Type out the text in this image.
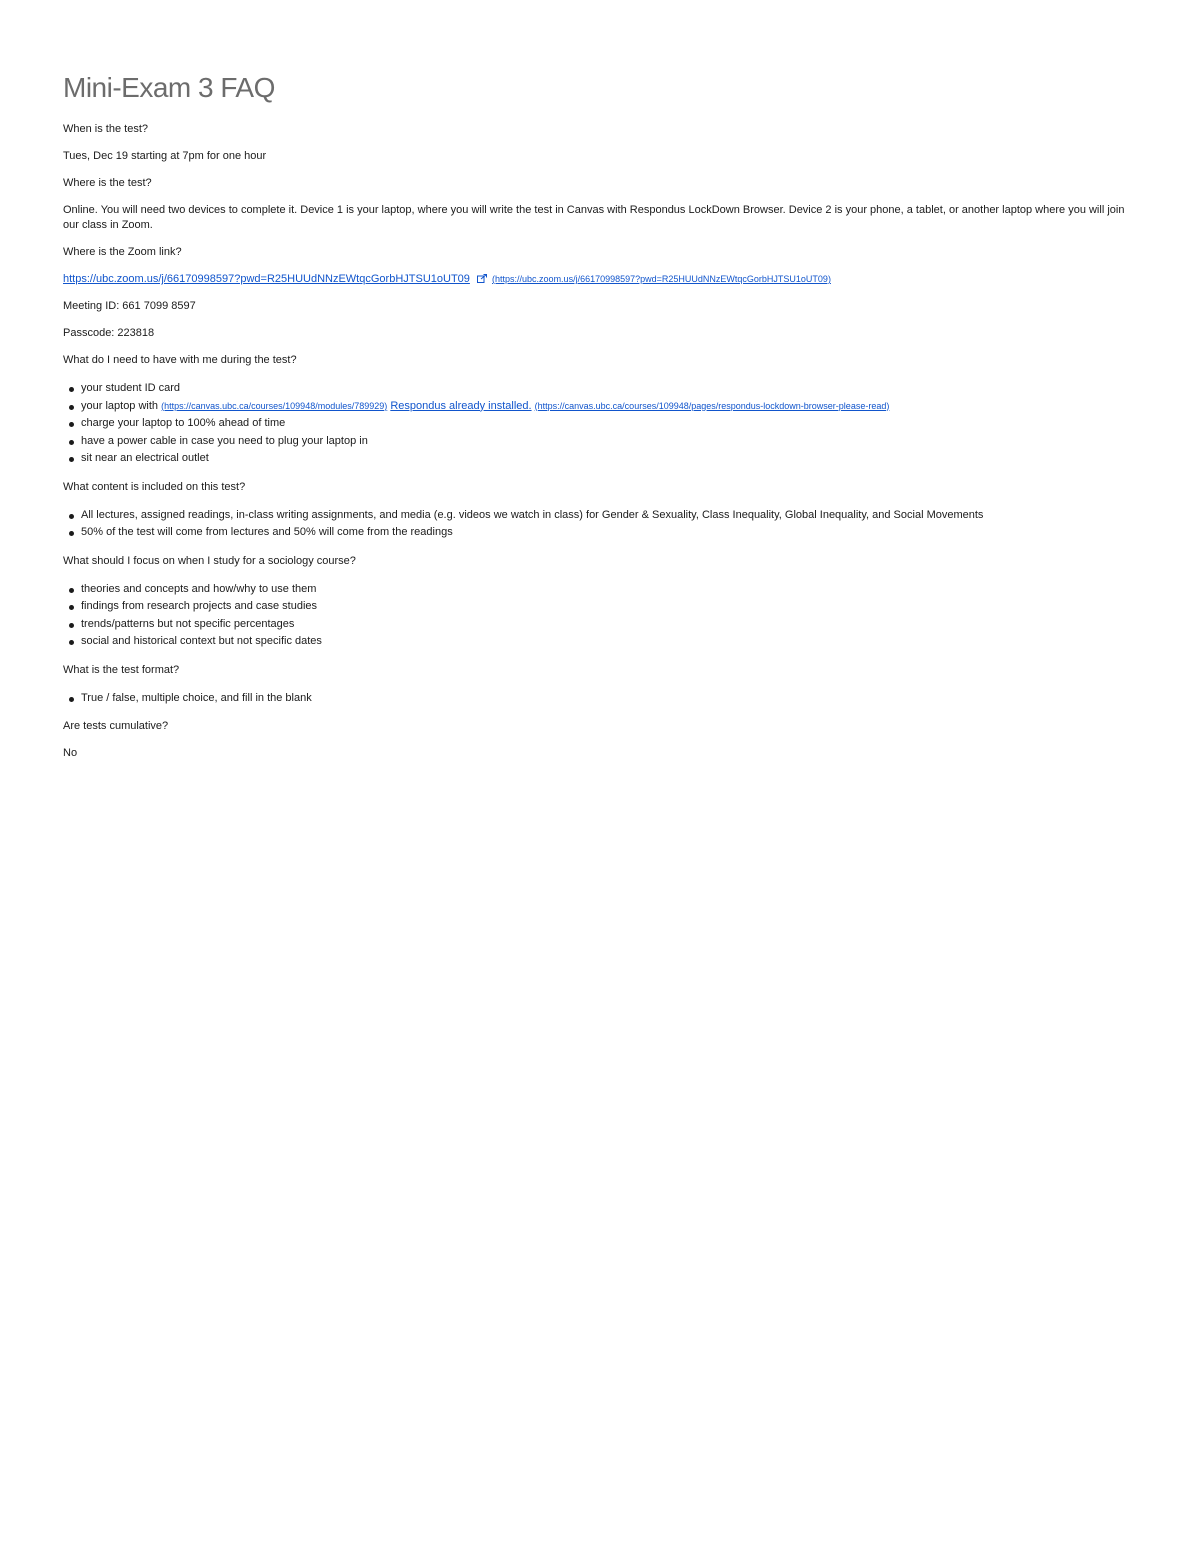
Mini-Exam 3 FAQ

When is the test?

Tues, Dec 19 starting at 7pm for one hour

Where is the test?

Online. You will need two devices to complete it. Device 1 is your laptop, where you will write the test in Canvas with Respondus LockDown Browser. Device 2 is your phone, a tablet, or another laptop where you will join our class in Zoom.

Where is the Zoom link?

https://ubc.zoom.us/j/66170998597?pwd=R25HUUdNNzEWtqcGorbHJTSU1oUT09 (https://ubc.zoom.us/j/66170998597?pwd=R25HUUdNNzEWtqcGorbHJTSU1oUT09)

Meeting ID: 661 7099 8597

Passcode: 223818

What do I need to have with me during the test?

your student ID card
your laptop with (https://canvas.ubc.ca/courses/109948/modules/789929) Respondus already installed. (https://canvas.ubc.ca/courses/109948/pages/respondus-lockdown-browser-please-read)
charge your laptop to 100% ahead of time
have a power cable in case you need to plug your laptop in
sit near an electrical outlet

What content is included on this test?

All lectures, assigned readings, in-class writing assignments, and media (e.g. videos we watch in class) for Gender & Sexuality, Class Inequality, Global Inequality, and Social Movements
50% of the test will come from lectures and 50% will come from the readings

What should I focus on when I study for a sociology course?

theories and concepts and how/why to use them
findings from research projects and case studies
trends/patterns but not specific percentages
social and historical context but not specific dates

What is the test format?

True / false, multiple choice, and fill in the blank

Are tests cumulative?

No
